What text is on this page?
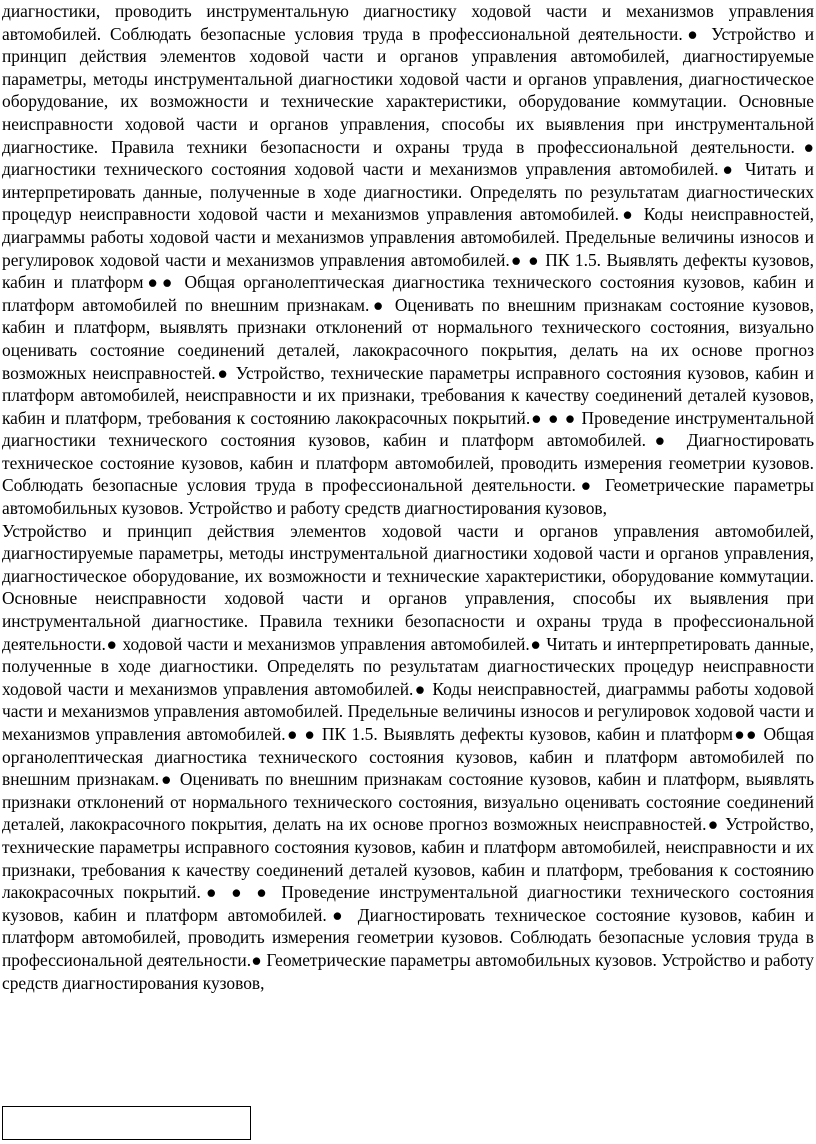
диагностики, проводить инструментальную диагностику ходовой части и механизмов управления автомобилей. Соблюдать безопасные условия труда в профессиональной деятельности.● Устройство и принцип действия элементов ходовой части и органов управления автомобилей, диагностируемые параметры, методы инструментальной диагностики ходовой части и органов управления, диагностическое оборудование, их возможности и технические характеристики, оборудование коммутации. Основные неисправности ходовой части и органов управления, способы их выявления при инструментальной диагностике. Правила техники безопасности и охраны труда в профессиональной деятельности.● диагностики технического состояния ходовой части и механизмов управления автомобилей.● Читать и интерпретировать данные, полученные в ходе диагностики. Определять по результатам диагностических процедур неисправности ходовой части и механизмов управления автомобилей.● Коды неисправностей, диаграммы работы ходовой части и механизмов управления автомобилей. Предельные величины износов и регулировок ходовой части и механизмов управления автомобилей.● ● ПК 1.5. Выявлять дефекты кузовов, кабин и платформ●● Общая органолептическая диагностика технического состояния кузовов, кабин и платформ автомобилей по внешним признакам.● Оценивать по внешним признакам состояние кузовов, кабин и платформ, выявлять признаки отклонений от нормального технического состояния, визуально оценивать состояние соединений деталей, лакокрасочного покрытия, делать на их основе прогноз возможных неисправностей.● Устройство, технические параметры исправного состояния кузовов, кабин и платформ автомобилей, неисправности и их признаки, требования к качеству соединений деталей кузовов, кабин и платформ, требования к состоянию лакокрасочных покрытий.● ● ● Проведение инструментальной диагностики технического состояния кузовов, кабин и платформ автомобилей.● Диагностировать техническое состояние кузовов, кабин и платформ автомобилей, проводить измерения геометрии кузовов. Соблюдать безопасные условия труда в профессиональной деятельности.● Геометрические параметры автомобильных кузовов. Устройство и работу средств диагностирования кузовов,

Устройство и принцип действия элементов ходовой части и органов управления автомобилей, диагностируемые параметры, методы инструментальной диагностики ходовой части и органов управления, диагностическое оборудование, их возможности и технические характеристики, оборудование коммутации. Основные неисправности ходовой части и органов управления, способы их выявления при инструментальной диагностике. Правила техники безопасности и охраны труда в профессиональной деятельности.● ходовой части и механизмов управления автомобилей.● Читать и интерпретировать данные, полученные в ходе диагностики. Определять по результатам диагностических процедур неисправности ходовой части и механизмов управления автомобилей.● Коды неисправностей, диаграммы работы ходовой части и механизмов управления автомобилей. Предельные величины износов и регулировок ходовой части и механизмов управления автомобилей.● ● ПК 1.5. Выявлять дефекты кузовов, кабин и платформ●● Общая органолептическая диагностика технического состояния кузовов, кабин и платформ автомобилей по внешним признакам.● Оценивать по внешним признакам состояние кузовов, кабин и платформ, выявлять признаки отклонений от нормального технического состояния, визуально оценивать состояние соединений деталей, лакокрасочного покрытия, делать на их основе прогноз возможных неисправностей.● Устройство, технические параметры исправного состояния кузовов, кабин и платформ автомобилей, неисправности и их признаки, требования к качеству соединений деталей кузовов, кабин и платформ, требования к состоянию лакокрасочных покрытий.● ● ● Проведение инструментальной диагностики технического состояния кузовов, кабин и платформ автомобилей.● Диагностировать техническое состояние кузовов, кабин и платформ автомобилей, проводить измерения геометрии кузовов. Соблюдать безопасные условия труда в профессиональной деятельности.● Геометрические параметры автомобильных кузовов. Устройство и работу средств диагностирования кузовов,
